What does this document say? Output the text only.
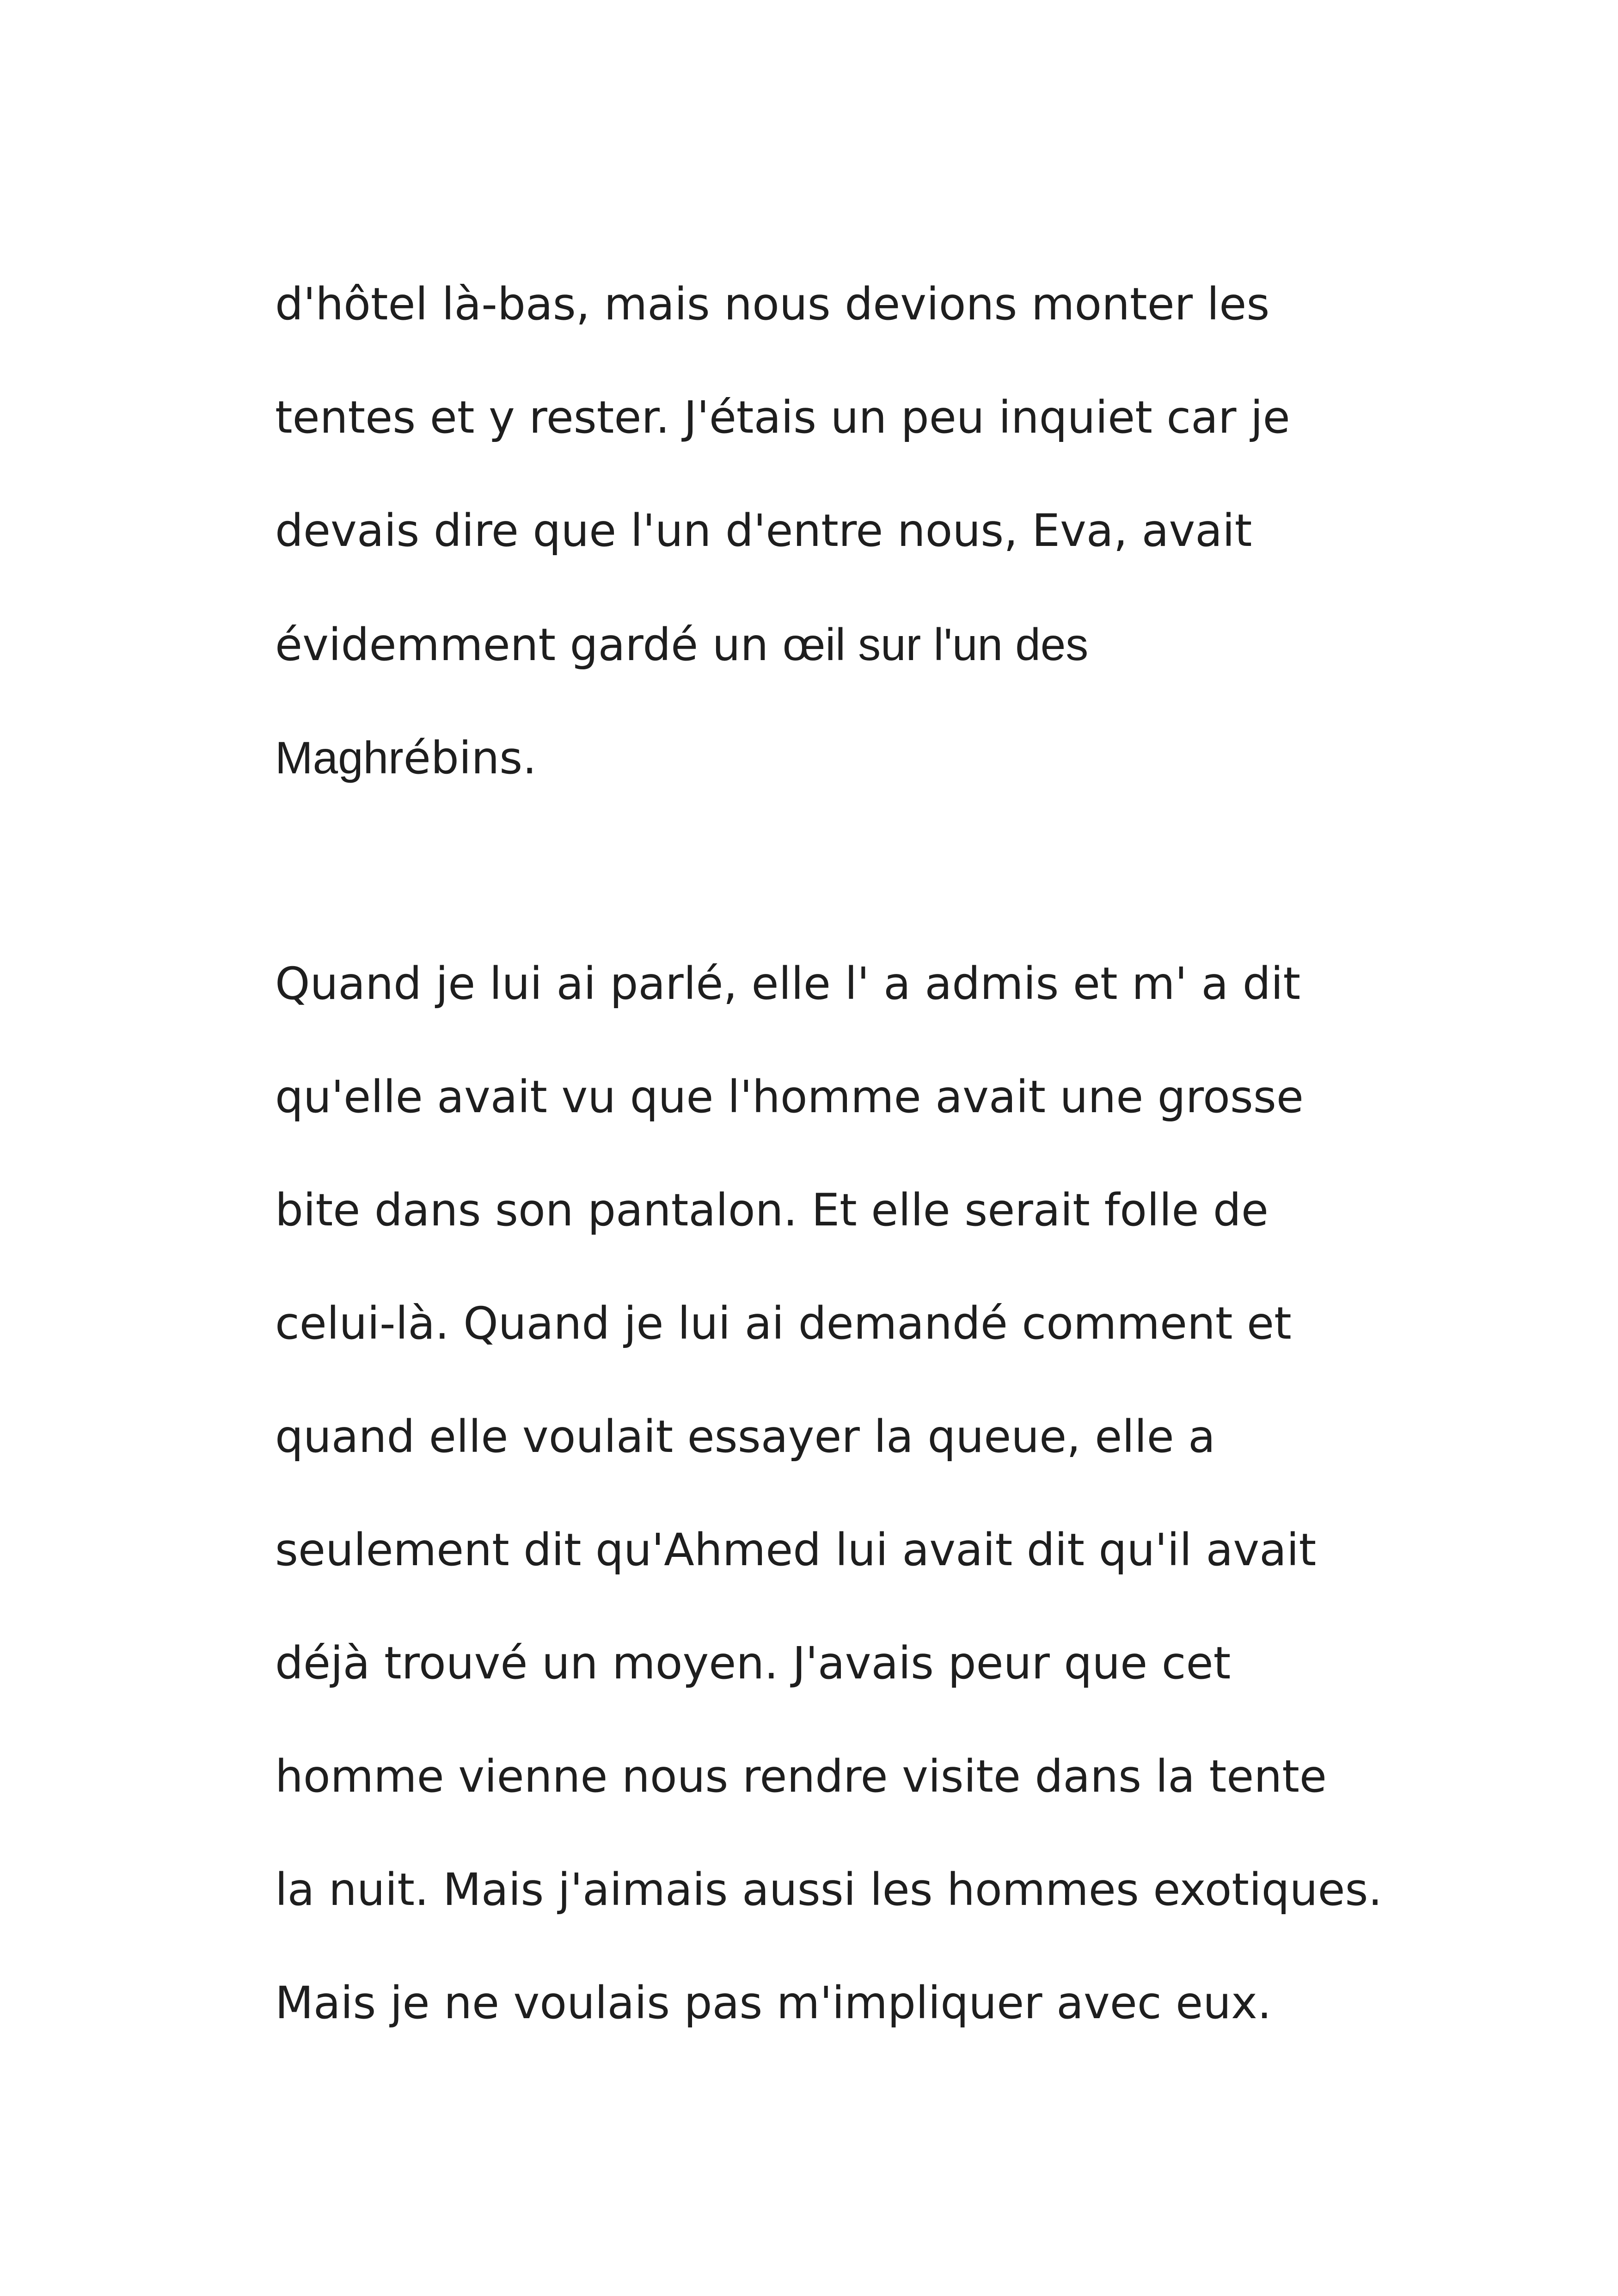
d'hôtel là-bas, mais nous devions monter les

tentes et y rester. J'étais un peu inquiet car je

devais dire que l'un d'entre nous, Eva, avait

évidemment gardé un œil sur l'un des

Maghrébins.

Quand je lui ai parlé, elle l' a admis et m' a dit

qu'elle avait vu que l'homme avait une grosse

bite dans son pantalon. Et elle serait folle de

celui-là. Quand je lui ai demandé comment et

quand elle voulait essayer la queue, elle a

seulement dit qu'Ahmed lui avait dit qu'il avait

déjà trouvé un moyen. J'avais peur que cet

homme vienne nous rendre visite dans la tente

la nuit. Mais j'aimais aussi les hommes exotiques.

Mais je ne voulais pas m'impliquer avec eux.
